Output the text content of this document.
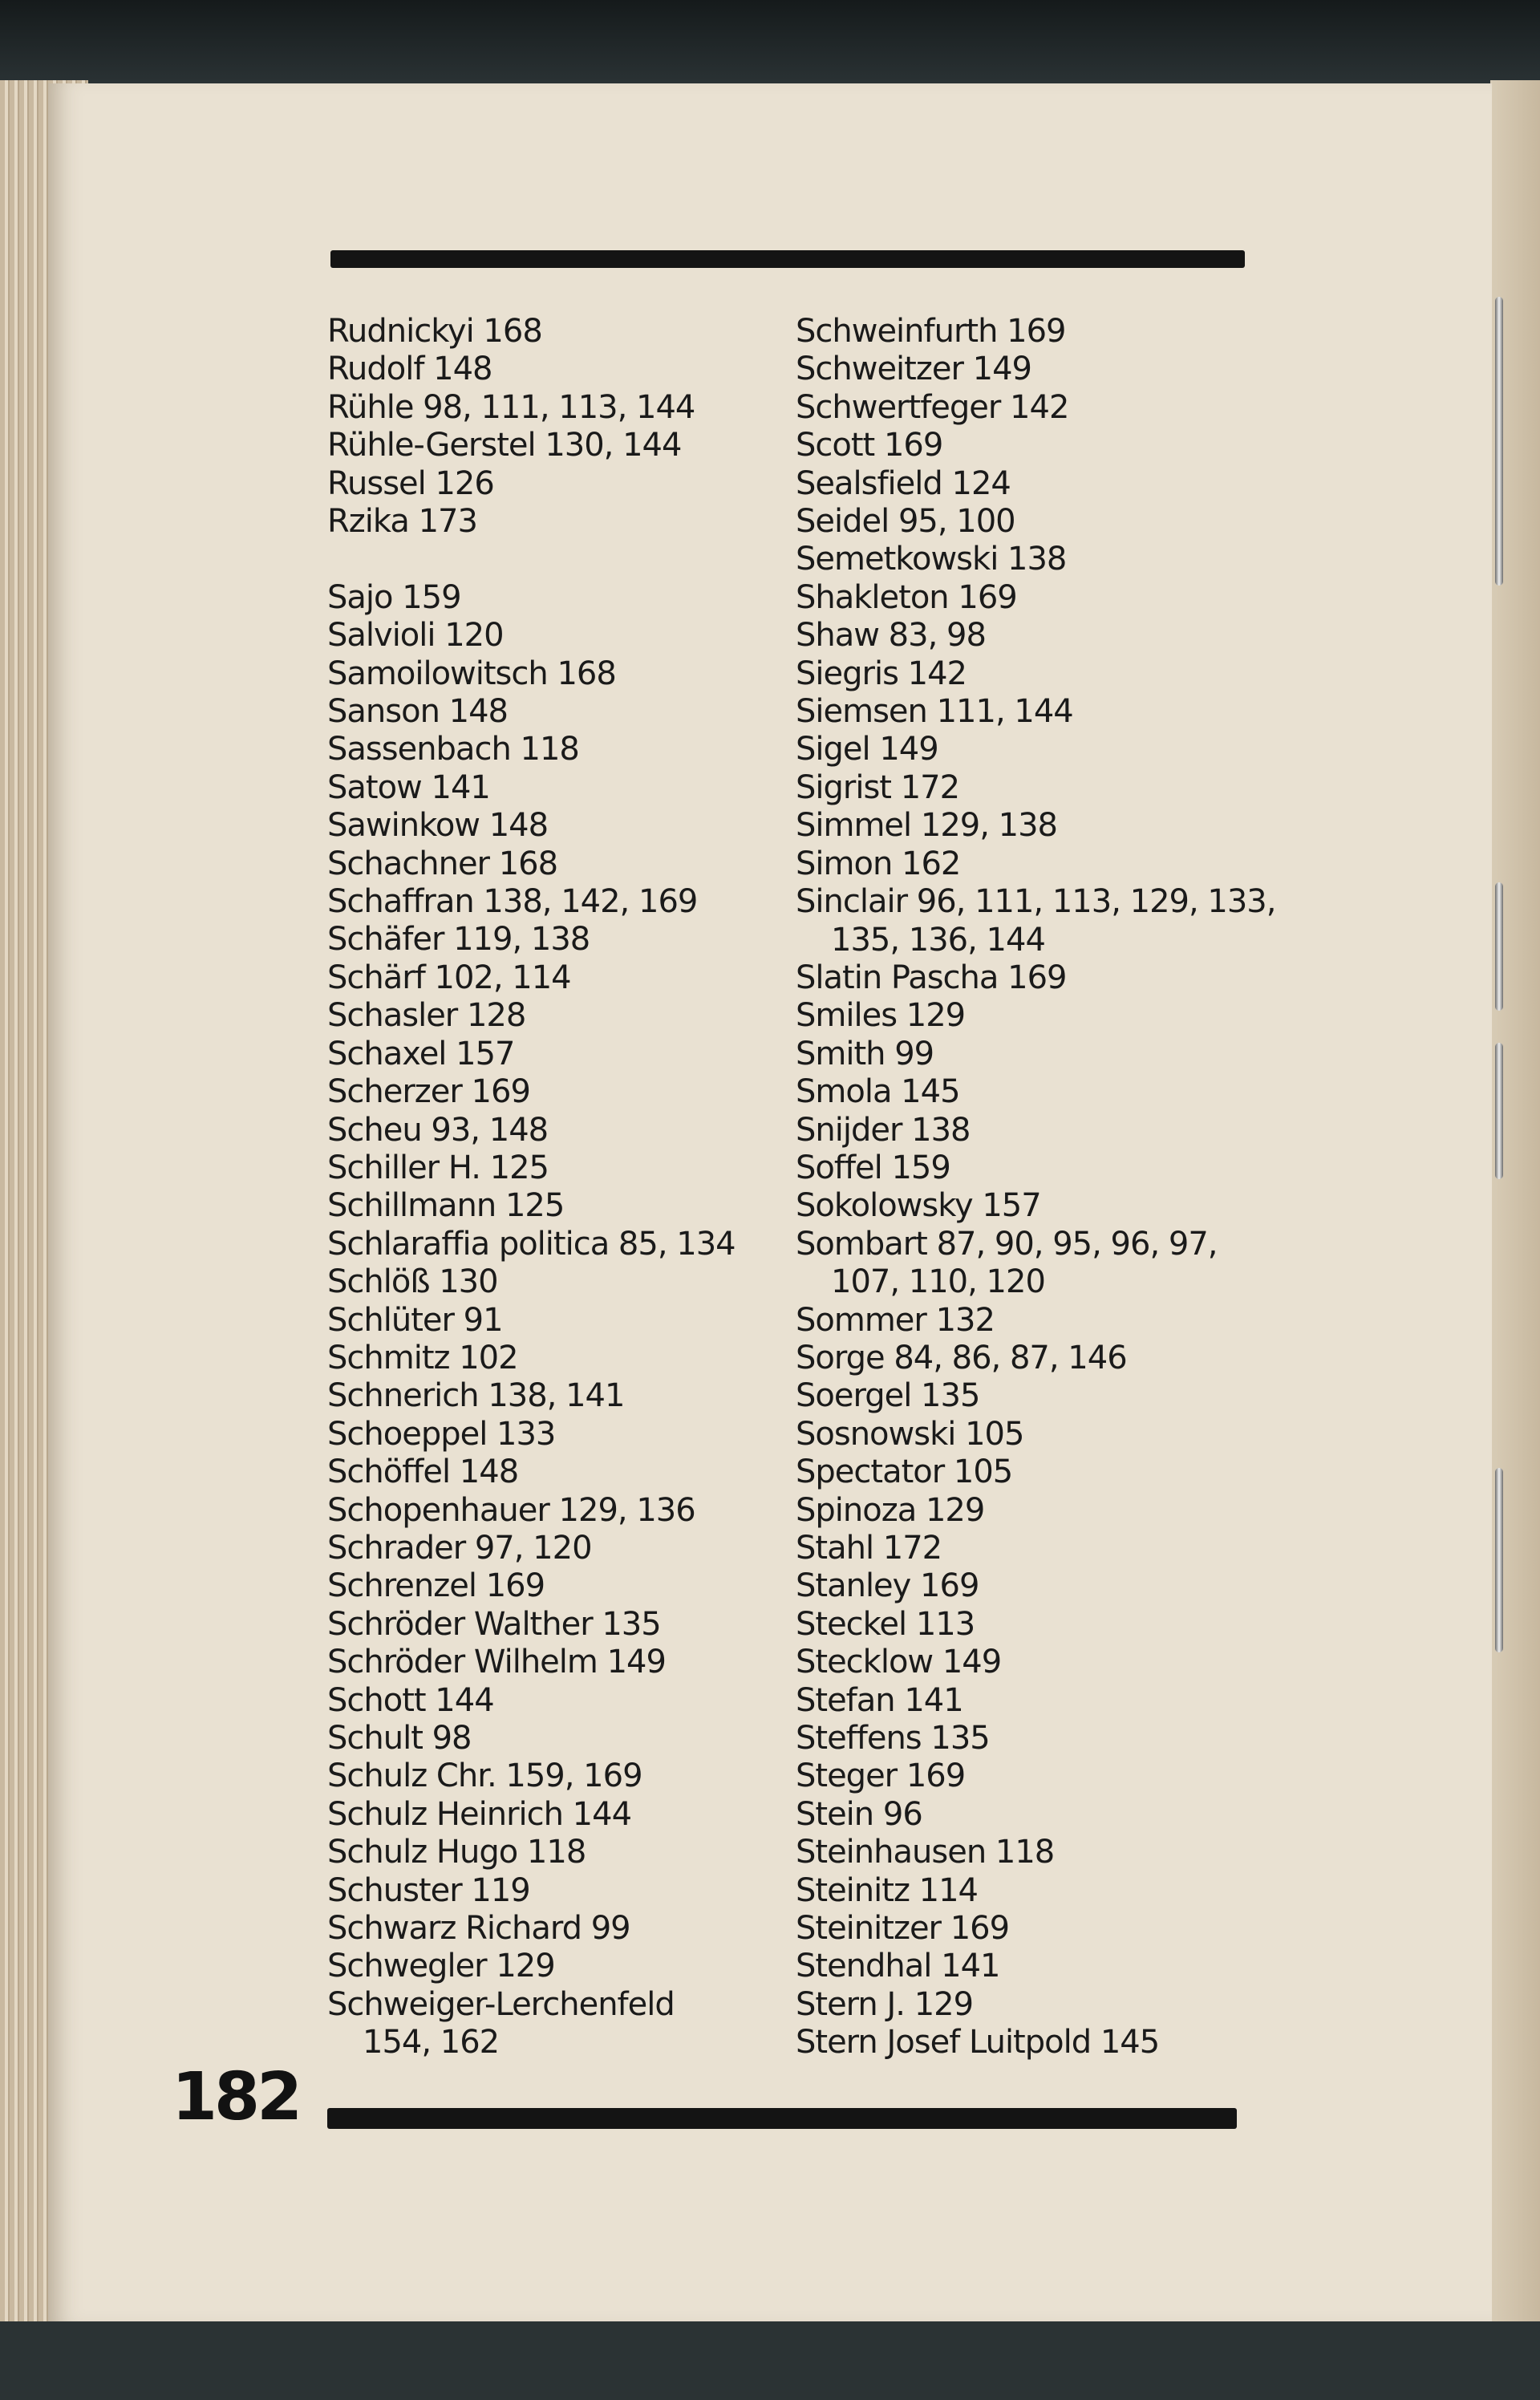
Rudnickyi 168
Rudolf 148
Rühle 98, 111, 113, 144
Rühle-Gerstel 130, 144
Russel 126
Rzika 173
Sajo 159
Salvioli 120
Samoilowitsch 168
Sanson 148
Sassenbach 118
Satow 141
Sawinkow 148
Schachner 168
Schaffran 138, 142, 169
Schäfer 119, 138
Schärf 102, 114
Schasler 128
Schaxel 157
Scherzer 169
Scheu 93, 148
Schiller H. 125
Schillmann 125
Schlaraffia politica 85, 134
Schlöß 130
Schlüter 91
Schmitz 102
Schnerich 138, 141
Schoeppel 133
Schöffel 148
Schopenhauer 129, 136
Schrader 97, 120
Schrenzel 169
Schröder Walther 135
Schröder Wilhelm 149
Schott 144
Schult 98
Schulz Chr. 159, 169
Schulz Heinrich 144
Schulz Hugo 118
Schuster 119
Schwarz Richard 99
Schwegler 129
Schweiger-Lerchenfeld
154, 162
Schweinfurth 169
Schweitzer 149
Schwertfeger 142
Scott 169
Sealsfield 124
Seidel 95, 100
Semetkowski 138
Shakleton 169
Shaw 83, 98
Siegris 142
Siemsen 111, 144
Sigel 149
Sigrist 172
Simmel 129, 138
Simon 162
Sinclair 96, 111, 113, 129, 133,
135, 136, 144
Slatin Pascha 169
Smiles 129
Smith 99
Smola 145
Snijder 138
Soffel 159
Sokolowsky 157
Sombart 87, 90, 95, 96, 97,
107, 110, 120
Sommer 132
Sorge 84, 86, 87, 146
Soergel 135
Sosnowski 105
Spectator 105
Spinoza 129
Stahl 172
Stanley 169
Steckel 113
Stecklow 149
Stefan 141
Steffens 135
Steger 169
Stein 96
Steinhausen 118
Steinitz 114
Steinitzer 169
Stendhal 141
Stern J. 129
Stern Josef Luitpold 145
182
